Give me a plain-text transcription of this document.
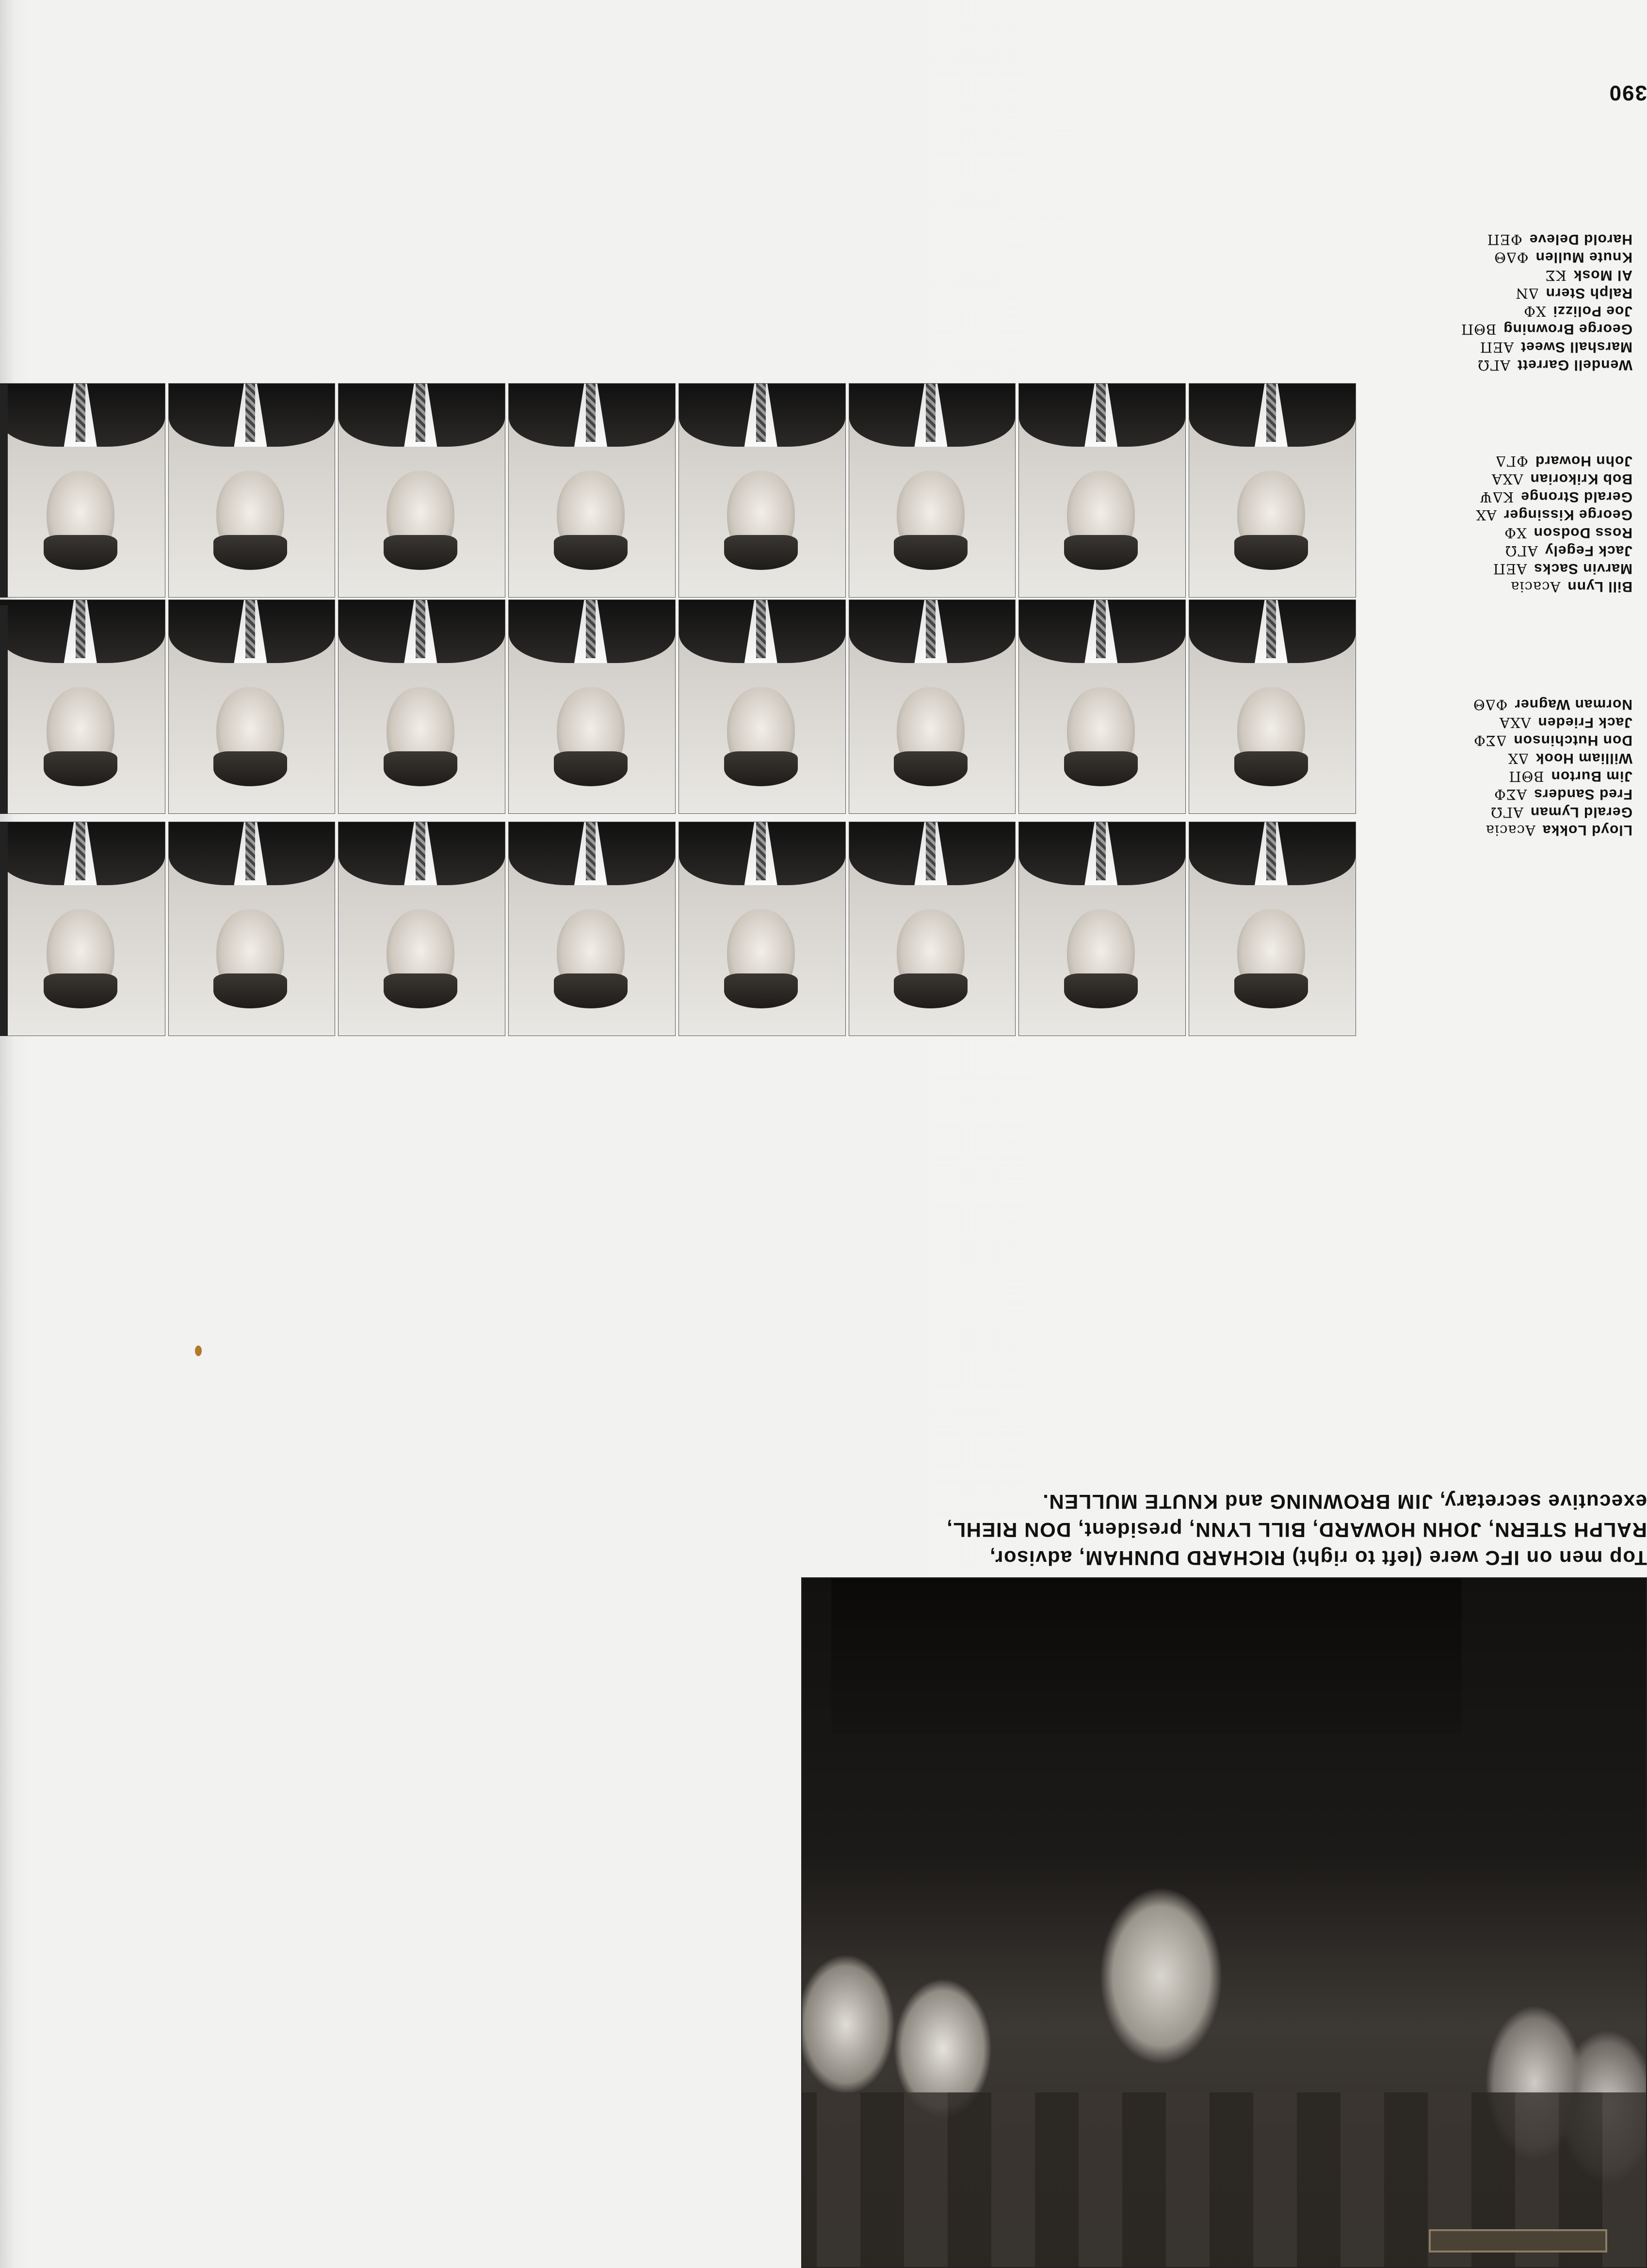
390
Top men on IFC were (left to right) RICHARD DUNHAM, advisor,
RALPH STERN, JOHN HOWARD, BILL LYNN, president, DON RIEHL,
executive secretary, JIM BROWNING and KNUTE MULLEN.
Wendell Garrett
ΑΓΩ
Marshall Sweet
ΑΕΠ
George Browning
ΒΘΠ
Joe Polizzi
ΧΦ
Ralph Stern
ΔΝ
Al Mosk
ΚΣ
Knute Mullen
ΦΔΘ
Harold Deleve
ΦΕΠ
Bill Lynn
Acacia
Marvin Sacks
ΑΕΠ
Jack Fegely
ΑΓΩ
Ross Dodson
ΧΦ
George Kissinger
ΑΧ
Gerald Stronge
ΚΔΨ
Bob Krikorian
ΛΧΑ
John Howard
ΦΓΔ
Lloyd Lokka
Acacia
Gerald Lyman
ΑΓΩ
Fred Sanders
ΑΣΦ
Jim Burton
ΒΘΠ
William Hook
ΔΧ
Don Hutchinson
ΔΣΦ
Jack Frieden
ΛΧΑ
Norman Wagner
ΦΔΘ
